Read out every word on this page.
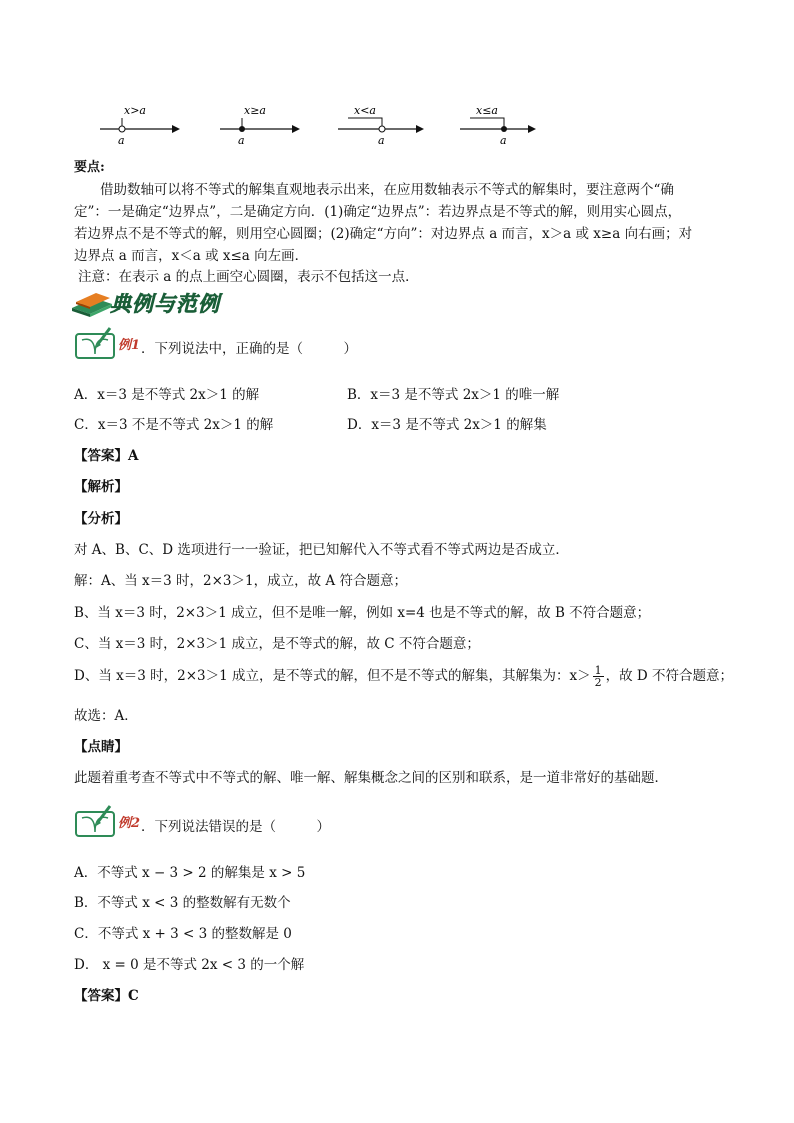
x>a
a
x≥a
a
x<a
a
x≤a
a
要点:
借助数轴可以将不等式的解集直观地表示出来，在应用数轴表示不等式的解集时，要注意两个“确
定”：一是确定“边界点”，二是确定方向．(1)确定“边界点”：若边界点是不等式的解，则用实心圆点，
若边界点不是不等式的解，则用空心圆圈；(2)确定“方向”：对边界点 a 而言，x＞a 或 x≥a 向右画；对
边界点 a 而言，x＜a 或 x≤a 向左画．
注意：在表示 a 的点上画空心圆圈，表示不包括这一点．
典例与范例
例1 ．下列说法中，正确的是（　　　）
A．x＝3 是不等式 2x＞1 的解	B．x＝3 是不等式 2x＞1 的唯一解
C．x＝3 不是不等式 2x＞1 的解	D．x＝3 是不等式 2x＞1 的解集
【答案】A
【解析】
【分析】
对 A、B、C、D 选项进行一一验证，把已知解代入不等式看不等式两边是否成立．
解：A、当 x＝3 时，2×3＞1，成立，故 A 符合题意；
B、当 x＝3 时，2×3＞1 成立，但不是唯一解，例如 x=4 也是不等式的解，故 B 不符合题意；
C、当 x＝3 时，2×3＞1 成立，是不等式的解，故 C 不符合题意；
D、当 x＝3 时，2×3＞1 成立，是不等式的解，但不是不等式的解集，其解集为：$x> \frac{1}{2}$ ，故 D 不符合题意；
故选：A．
【点睛】
此题着重考查不等式中不等式的解、唯一解、解集概念之间的区别和联系，是一道非常好的基础题．
例2 ．下列说法错误的是（　　　）
A．不等式 x − 3 > 2 的解集是 x > 5
B．不等式 x < 3 的整数解有无数个
C．不等式 x + 3 < 3 的整数解是 0
D． x = 0 是不等式 2x < 3 的一个解
【答案】C
